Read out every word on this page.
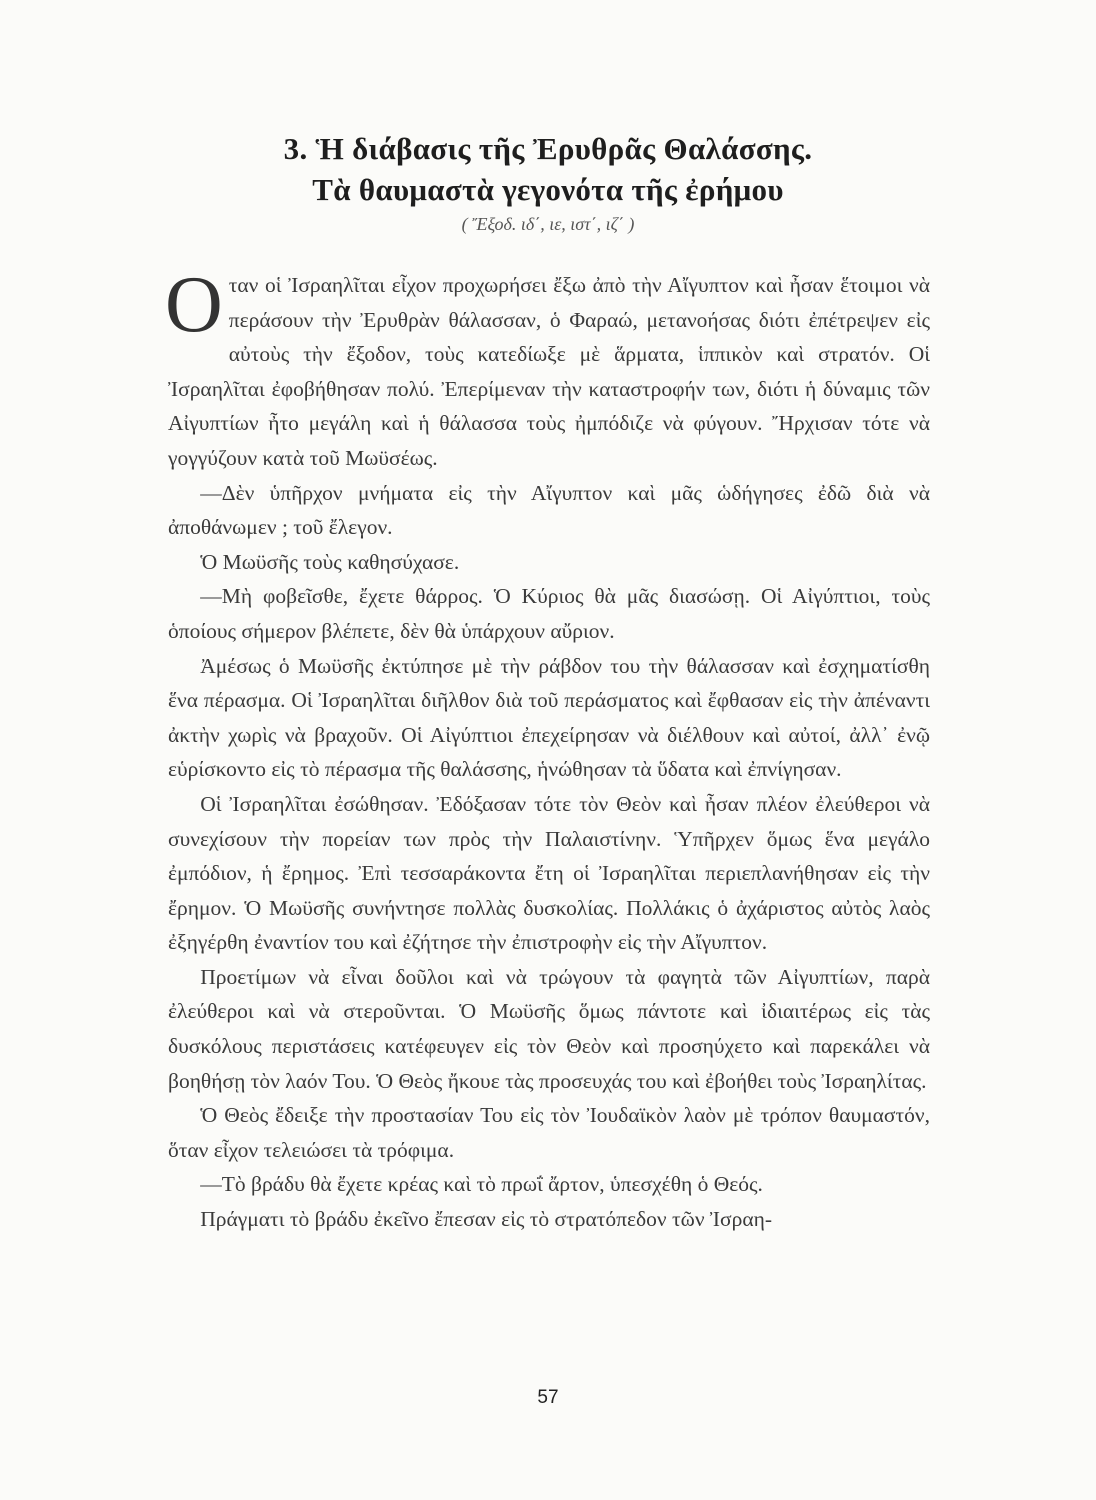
3. Ἡ διάβασις τῆς Ἐρυθρᾶς Θαλάσσης.
Τὰ θαυμαστὰ γεγονότα τῆς ἐρήμου
( Ἔξοδ. ιδ΄, ιε, ιστ΄, ιζ΄ )

Οταν οἱ Ἰσραηλῖται εἶχον προχωρήσει ἔξω ἀπὸ τὴν Αἴγυπτον καὶ ἦσαν ἕτοιμοι νὰ περάσουν τὴν Ἐρυθρὰν θάλασσαν, ὁ Φαραώ, μετανοήσας διότι ἐπέτρεψεν εἰς αὐτοὺς τὴν ἔξοδον, τοὺς κατεδίωξε μὲ ἅρματα, ἱππικὸν καὶ στρατόν. Οἱ Ἰσραηλῖται ἐφοβήθησαν πολύ. Ἐπερίμεναν τὴν καταστροφήν των, διότι ἡ δύναμις τῶν Αἰγυπτίων ἦτο μεγάλη καὶ ἡ θάλασσα τοὺς ἠμπόδιζε νὰ φύγουν. Ἤρχισαν τότε νὰ γογγύζουν κατὰ τοῦ Μωϋσέως.

—Δὲν ὑπῆρχον μνήματα εἰς τὴν Αἴγυπτον καὶ μᾶς ὡδήγησες ἐδῶ διὰ νὰ ἀποθάνωμεν ; τοῦ ἔλεγον.

Ὁ Μωϋσῆς τοὺς καθησύχασε.

—Μὴ φοβεῖσθε, ἔχετε θάρρος. Ὁ Κύριος θὰ μᾶς διασώσῃ. Οἱ Αἰγύπτιοι, τοὺς ὁποίους σήμερον βλέπετε, δὲν θὰ ὑπάρχουν αὔριον.

Ἀμέσως ὁ Μωϋσῆς ἐκτύπησε μὲ τὴν ράβδον του τὴν θάλασσαν καὶ ἐσχηματίσθη ἕνα πέρασμα. Οἱ Ἰσραηλῖται διῆλθον διὰ τοῦ περάσματος καὶ ἔφθασαν εἰς τὴν ἀπέναντι ἀκτὴν χωρὶς νὰ βραχοῦν. Οἱ Αἰγύπτιοι ἐπεχείρησαν νὰ διέλθουν καὶ αὐτοί, ἀλλ᾽ ἐνῷ εὑρίσκοντο εἰς τὸ πέρασμα τῆς θαλάσσης, ἡνώθησαν τὰ ὕδατα καὶ ἐπνίγησαν.

Οἱ Ἰσραηλῖται ἐσώθησαν. Ἐδόξασαν τότε τὸν Θεὸν καὶ ἦσαν πλέον ἐλεύθεροι νὰ συνεχίσουν τὴν πορείαν των πρὸς τὴν Παλαιστίνην. Ὑπῆρχεν ὅμως ἕνα μεγάλο ἐμπόδιον, ἡ ἔρημος. Ἐπὶ τεσσαράκοντα ἔτη οἱ Ἰσραηλῖται περιεπλανήθησαν εἰς τὴν ἔρημον. Ὁ Μωϋσῆς συνήντησε πολλὰς δυσκολίας. Πολλάκις ὁ ἀχάριστος αὐτὸς λαὸς ἐξηγέρθη ἐναντίον του καὶ ἐζήτησε τὴν ἐπιστροφὴν εἰς τὴν Αἴγυπτον.

Προετίμων νὰ εἶναι δοῦλοι καὶ νὰ τρώγουν τὰ φαγητὰ τῶν Αἰγυπτίων, παρὰ ἐλεύθεροι καὶ νὰ στεροῦνται. Ὁ Μωϋσῆς ὅμως πάντοτε καὶ ἰδιαιτέρως εἰς τὰς δυσκόλους περιστάσεις κατέφευγεν εἰς τὸν Θεὸν καὶ προσηύχετο καὶ παρεκάλει νὰ βοηθήσῃ τὸν λαόν Του. Ὁ Θεὸς ἤκουε τὰς προσευχάς του καὶ ἐβοήθει τοὺς Ἰσραηλίτας.

Ὁ Θεὸς ἔδειξε τὴν προστασίαν Του εἰς τὸν Ἰουδαϊκὸν λαὸν μὲ τρόπον θαυμαστόν, ὅταν εἶχον τελειώσει τὰ τρόφιμα.

—Τὸ βράδυ θὰ ἔχετε κρέας καὶ τὸ πρωΐ ἄρτον, ὑπεσχέθη ὁ Θεός.

Πράγματι τὸ βράδυ ἐκεῖνο ἔπεσαν εἰς τὸ στρατόπεδον τῶν Ἰσραη-

57
